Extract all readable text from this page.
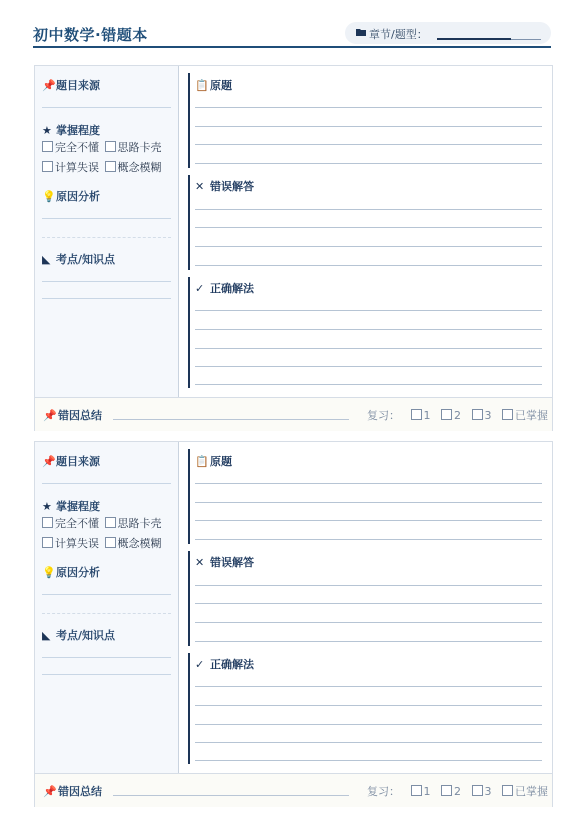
初中数学·错题本	章节/题型：
📌题目来源
★ 掌握程度
完全不懂 思路卡壳
计算失误 概念模糊
💡原因分析
◣ 考点/知识点
📋原题
✕ 错误解答
✓ 正确解法
📌错因总结	复习： 1 2 3 已掌握
📌题目来源
★ 掌握程度
完全不懂 思路卡壳
计算失误 概念模糊
💡原因分析
◣ 考点/知识点
📋原题
✕ 错误解答
✓ 正确解法
📌错因总结	复习： 1 2 3 已掌握
